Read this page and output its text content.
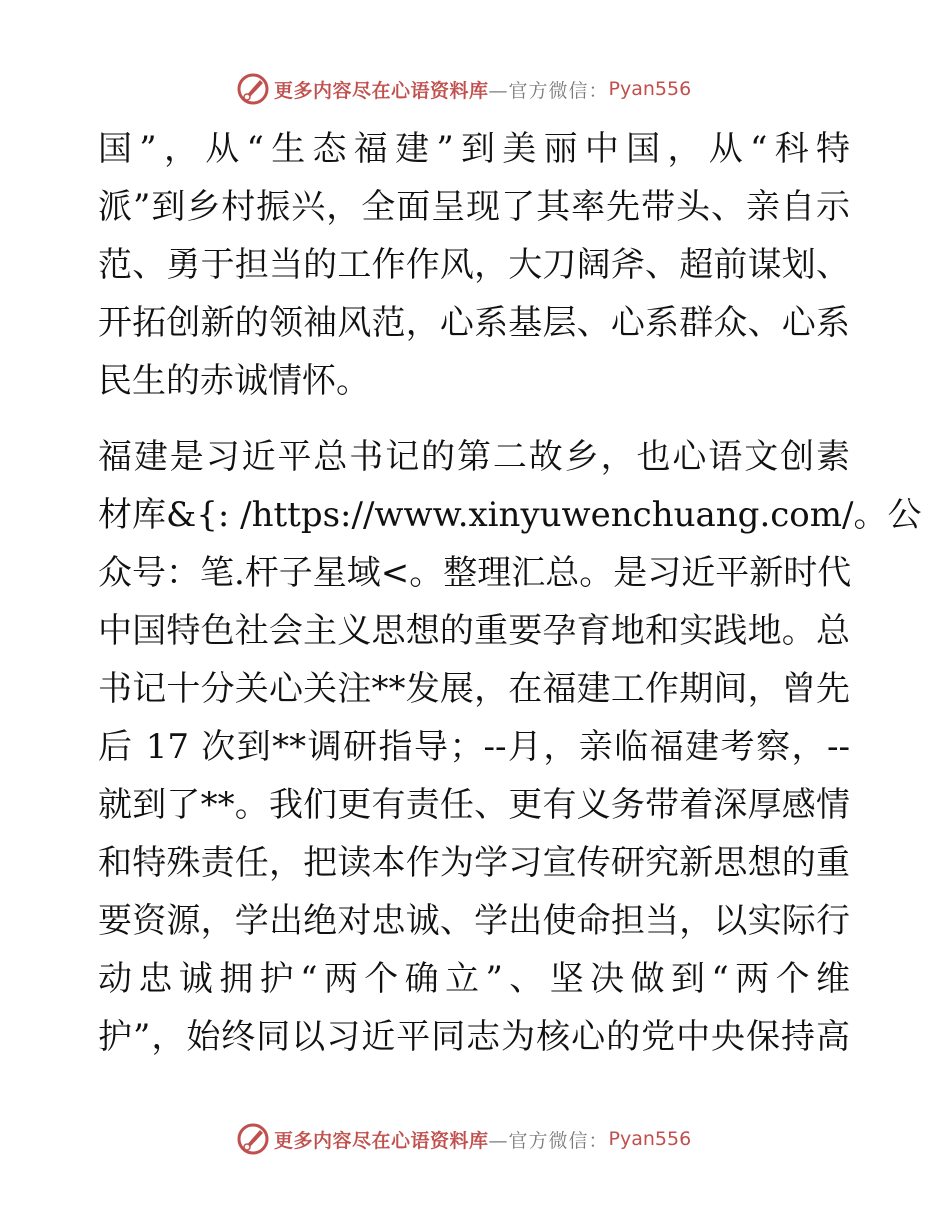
更多内容尽在心语资料库 —官方微信： Pyan556
国”，从“生态福建”到美丽中国，从“科特
派”到乡村振兴，全面呈现了其率先带头、亲自示
范、勇于担当的工作作风，大刀阔斧、超前谋划、
开拓创新的领袖风范，心系基层、心系群众、心系
民生的赤诚情怀。
福建是习近平总书记的第二故乡，也心语文创素
材库&{: /https://www.xinyuwenchuang.com/。公
众号：笔.杆子星域<。整理汇总。是习近平新时代
中国特色社会主义思想的重要孕育地和实践地。总
书记十分关心关注**发展，在福建工作期间，曾先
后 17 次到**调研指导；--月，亲临福建考察，--
就到了**。我们更有责任、更有义务带着深厚感情
和特殊责任，把读本作为学习宣传研究新思想的重
要资源，学出绝对忠诚、学出使命担当，以实际行
动忠诚拥护“两个确立”、坚决做到“两个维
护”，始终同以习近平同志为核心的党中央保持高
更多内容尽在心语资料库 —官方微信： Pyan556
